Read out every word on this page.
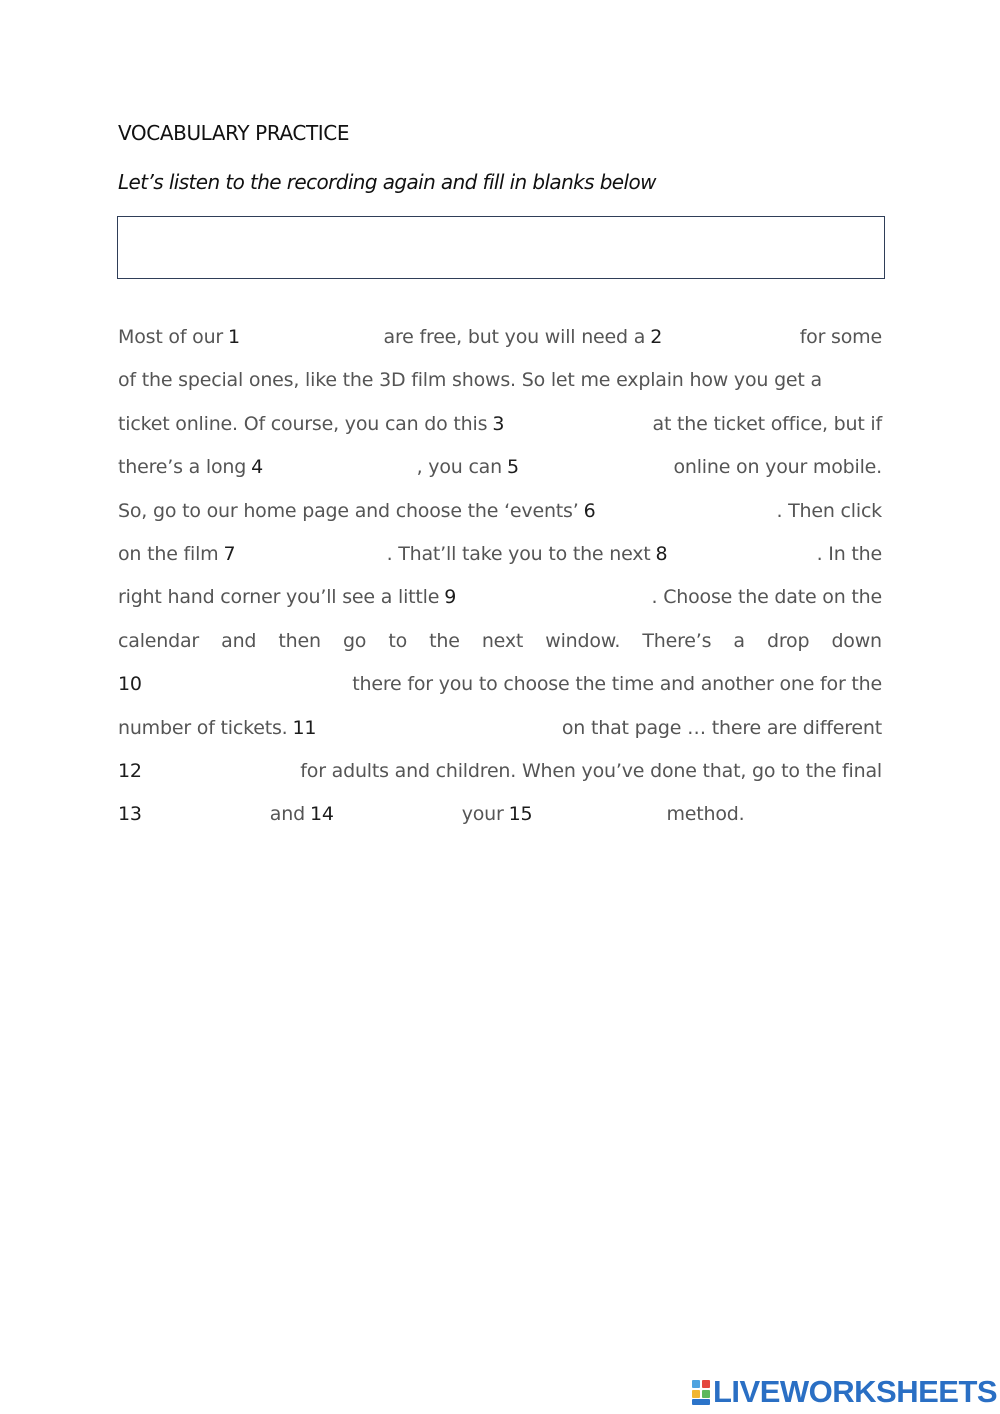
VOCABULARY PRACTICE
Let’s listen to the recording again and fill in blanks below
Most of our 1	are free, but you will need a 2	for some
of the special ones, like the 3D film shows. So let me explain how you get a
ticket online. Of course, you can do this 3	at the ticket office, but if
there’s a long 4	, you can 5	online on your mobile.
So, go to our home page and choose the ‘events’ 6	. Then click
on the film 7	. That’ll take you to the next 8	. In the
right hand corner you’ll see a little 9	. Choose the date on the
calendar and then go to the next window. There’s a drop down
10	there for you to choose the time and another one for the
number of tickets. 11	on that page … there are different
12	for adults and children. When you’ve done that, go to the final
13	and 14	your 15	method.
LIVEWORKSHEETS
